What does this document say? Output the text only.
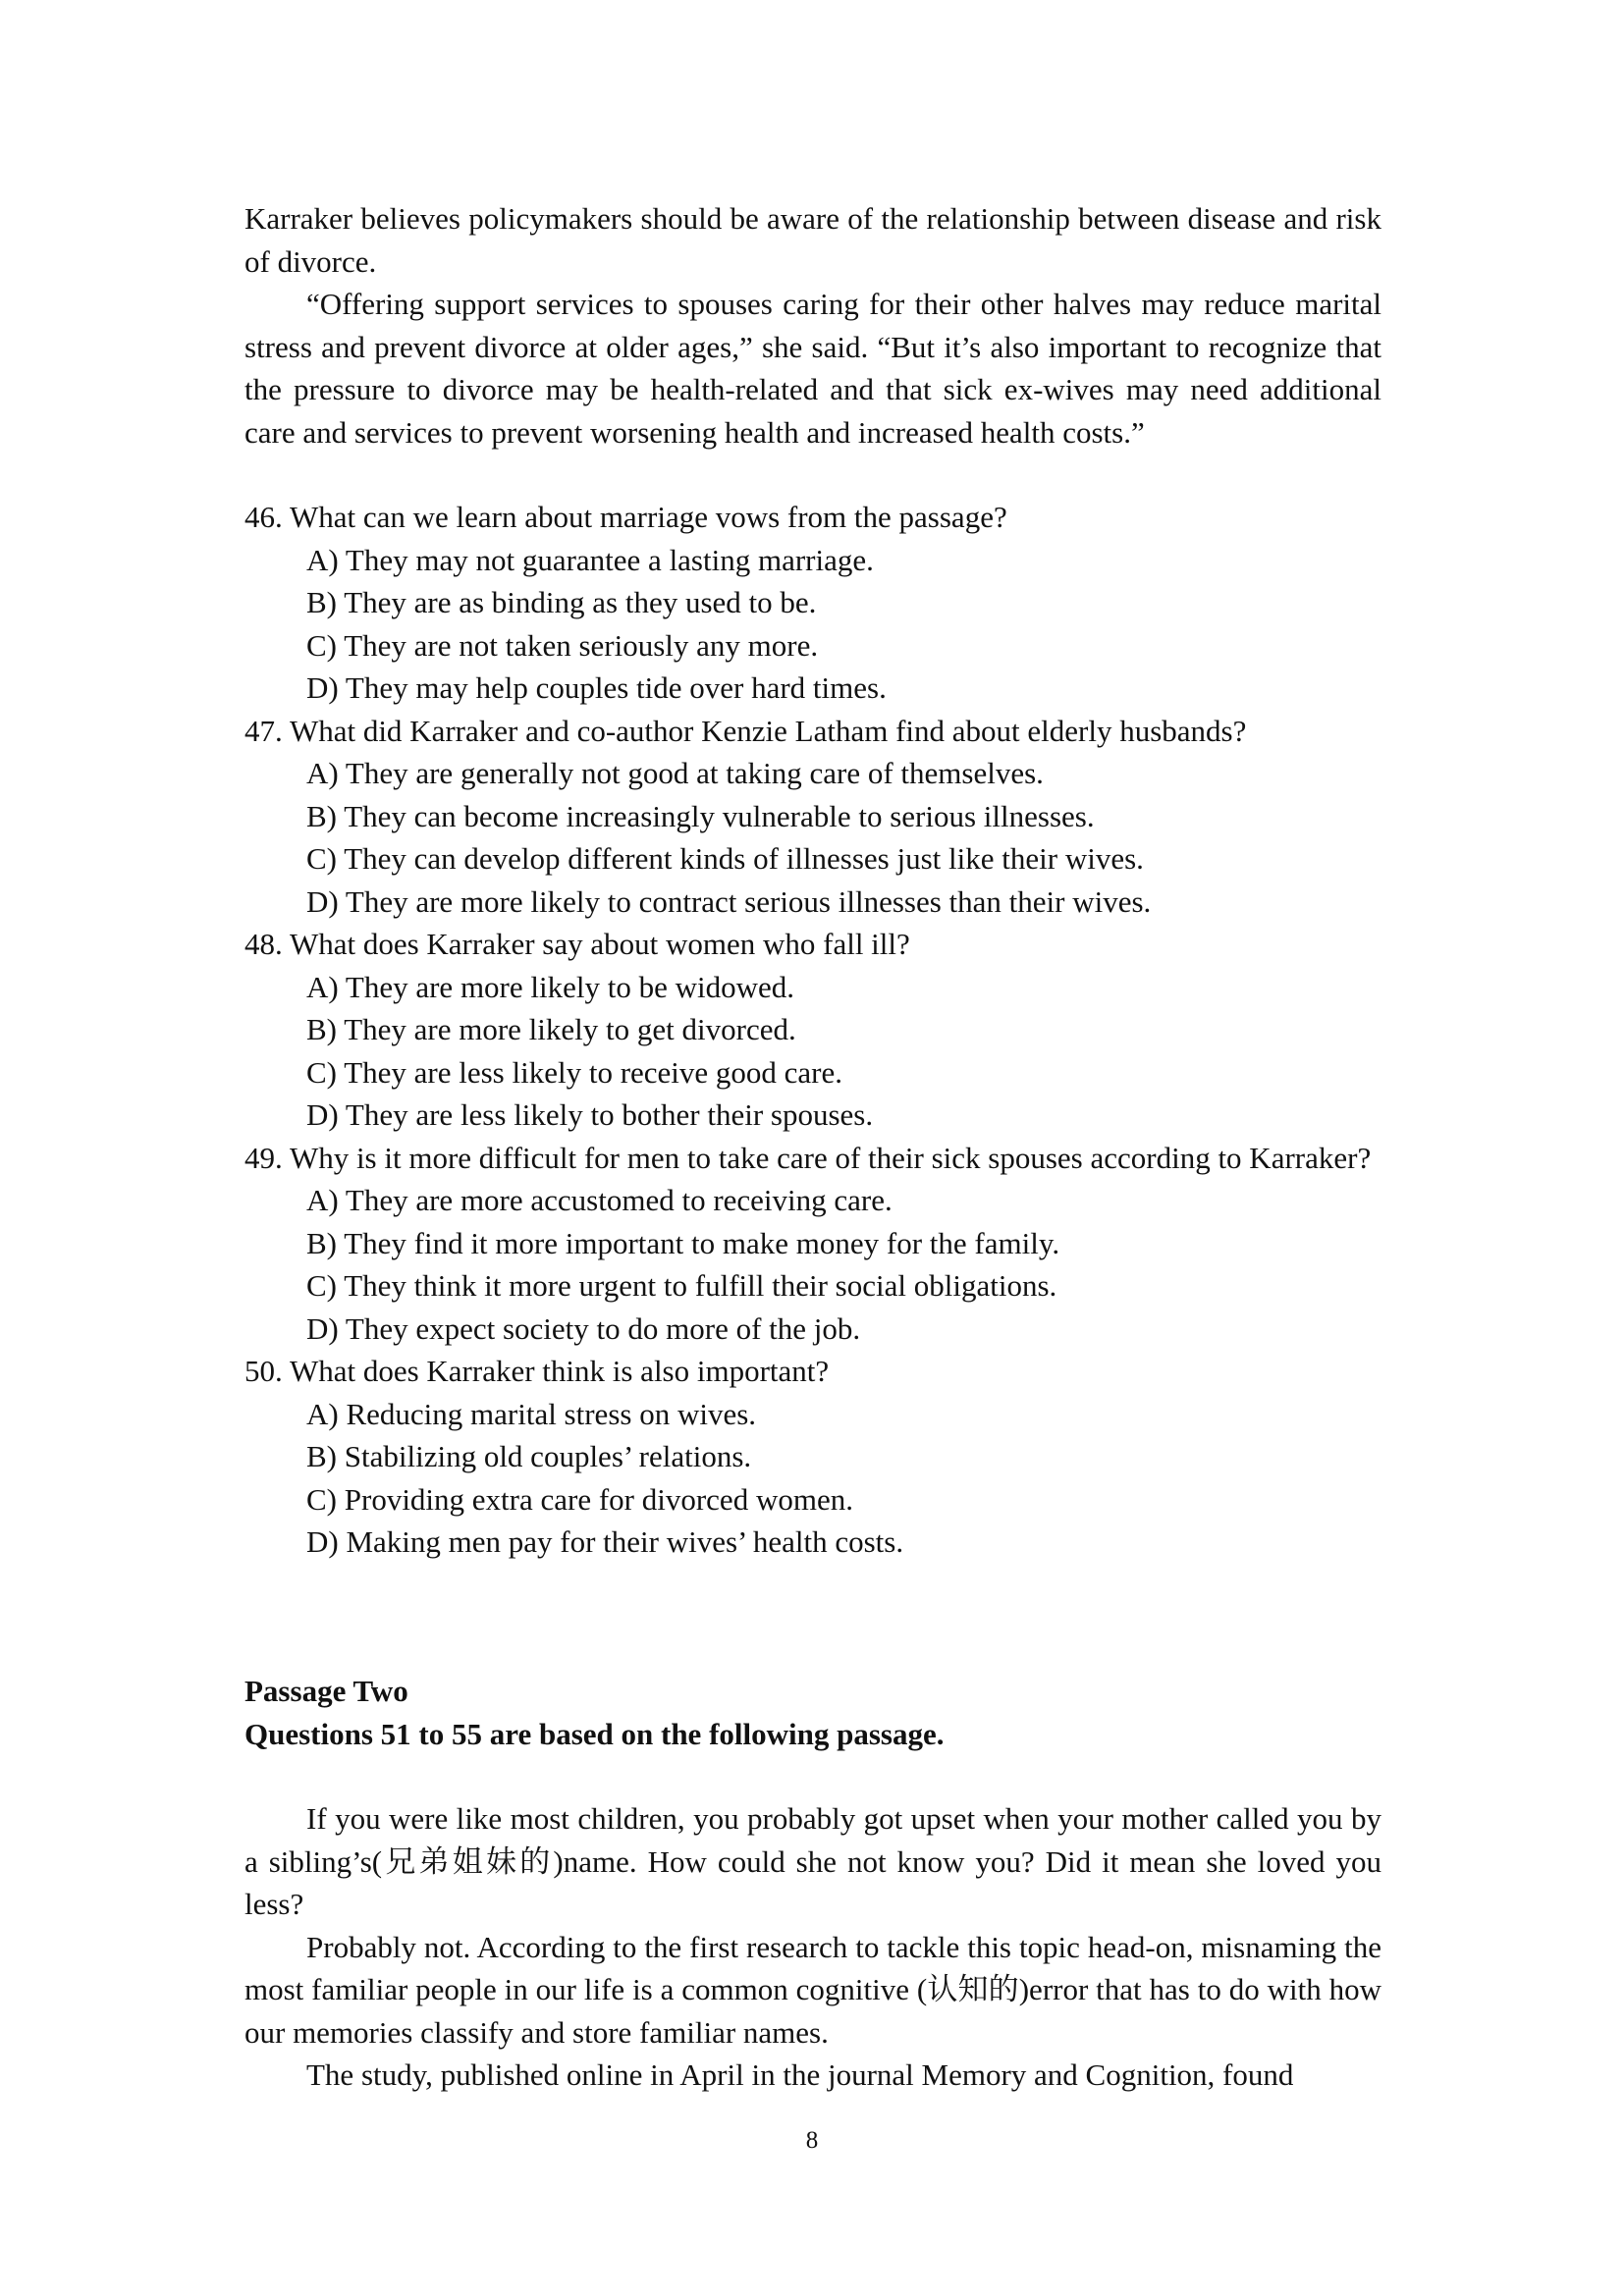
Karraker believes policymakers should be aware of the relationship between disease and risk of divorce.

“Offering support services to spouses caring for their other halves may reduce marital stress and prevent divorce at older ages,” she said. “But it’s also important to recognize that the pressure to divorce may be health-related and that sick ex-wives may need additional care and services to prevent worsening health and increased health costs.”

46. What can we learn about marriage vows from the passage?

A) They may not guarantee a lasting marriage.
B) They are as binding as they used to be.
C) They are not taken seriously any more.
D) They may help couples tide over hard times.

47. What did Karraker and co-author Kenzie Latham find about elderly husbands?

A) They are generally not good at taking care of themselves.
B) They can become increasingly vulnerable to serious illnesses.
C) They can develop different kinds of illnesses just like their wives.
D) They are more likely to contract serious illnesses than their wives.

48. What does Karraker say about women who fall ill?

A) They are more likely to be widowed.
B) They are more likely to get divorced.
C) They are less likely to receive good care.
D) They are less likely to bother their spouses.

49. Why is it more difficult for men to take care of their sick spouses according to Karraker?

A) They are more accustomed to receiving care.
B) They find it more important to make money for the family.
C) They think it more urgent to fulfill their social obligations.
D) They expect society to do more of the job.

50. What does Karraker think is also important?

A) Reducing marital stress on wives.
B) Stabilizing old couples’ relations.
C) Providing extra care for divorced women.
D) Making men pay for their wives’ health costs.

Passage Two

Questions 51 to 55 are based on the following passage.

If you were like most children, you probably got upset when your mother called you by a sibling’s(兄弟姐妹的)name. How could she not know you? Did it mean she loved you less?

Probably not. According to the first research to tackle this topic head-on, misnaming the most familiar people in our life is a common cognitive (认知的)error that has to do with how our memories classify and store familiar names.

The study, published online in April in the journal Memory and Cognition, found

8
